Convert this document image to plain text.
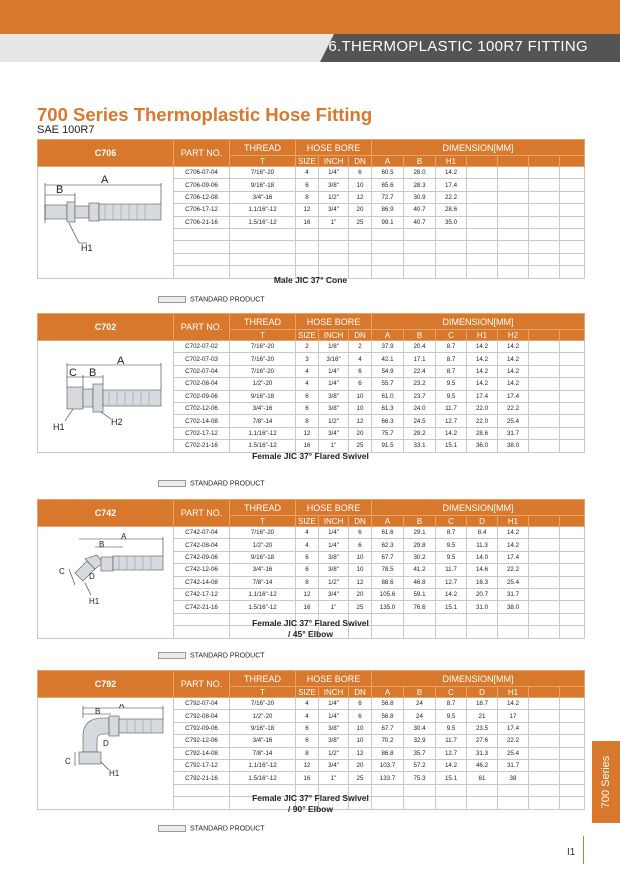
6.THERMOPLASTIC 100R7 FITTING
700 Series Thermoplastic Hose Fitting
SAE 100R7
C706	PART NO.	THREAD	HOSE BORE			DIMENSION[MM]						
		T	SIZE	INCH	DN	A	B	H1				
	C706-07-04	7/16"-20	4	1/4"	6	60.5	28.0	14.2				
	C706-09-06	9/16"-18	6	3/8"	10	65.6	28.3	17.4				
	C706-12-08	3/4"-16	8	1/2"	12	72.7	30.9	22.2				
	C706-17-12	1.1/16"-12	12	3/4"	20	86.9	40.7	28.6				
	C706-21-16	1.5/16"-12	16	1"	25	99.1	40.7	35.0				

A
B
H1
Male JIC 37° Cone
STANDARD PRODUCT
C702	PART NO.	THREAD	HOSE BORE			DIMENSION[MM]						
		T	SIZE	INCH	DN	A	B	C	H1	H2		
	C702-07-02	7/16"-20	2	1/8"	2	37.9	20.4	8.7	14.2	14.2		
	C702-07-03	7/16"-20	3	3/16"	4	42.1	17.1	8.7	14.2	14.2		
	C702-07-04	7/16"-20	4	1/4"	6	54.9	22.4	8.7	14.2	14.2		
	C702-08-04	1/2"-20	4	1/4"	6	55.7	23.2	9.5	14.2	14.2		
	C702-09-06	9/16"-18	6	3/8"	10	61.0	23.7	9.5	17.4	17.4		
	C702-12-06	3/4"-16	6	3/8"	10	61.3	24.0	11.7	22.0	22.2		
	C702-14-08	7/8"-14	8	1/2"	12	66.3	24.5	12.7	22.0	25.4		
	C702-17-12	1.1/16"-12	12	3/4"	20	75.7	29.2	14.2	28.6	31.7		
	C702-21-16	1.5/16"-12	16	1"	25	91.5	33.1	15.1	36.0	38.0		
A
C B
H1	H2
Female JIC 37° Flared Swivel
STANDARD PRODUCT
C742	PART NO.	THREAD	HOSE BORE			DIMENSION[MM]						
		T	SIZE	INCH	DN	A	B	C	D	H1		
	C742-07-04	7/16"-20	4	1/4"	6	61.6	29.1	8.7	8.4	14.2		
	C742-08-04	1/2"-20	4	1/4"	6	62.3	29.8	9.5	11.3	14.2		
	C742-09-06	9/16"-18	6	3/8"	10	67.7	30.2	9.5	14.0	17.4		
	C742-12-06	3/4"-16	6	3/8"	10	78.5	41.2	11.7	14.6	22.2		
	C742-14-08	7/8"-14	8	1/2"	12	88.6	46.8	12.7	16.3	25.4		
	C742-17-12	1.1/16"-12	12	3/4"	20	105.6	59.1	14.2	20.7	31.7		
	C742-21-16	1.5/16"-12	16	1"	25	135.0	76.6	15.1	31.0	38.0		

A
B
C
D
H1
Female JIC 37° Flared Swivel
/ 45° Elbow
STANDARD PRODUCT
C792	PART NO.	THREAD	HOSE BORE			DIMENSION[MM]						
		T	SIZE	INCH	DN	A	B	C	D	H1		
	C792-07-04	7/16"-20	4	1/4"	6	56.8	24	8.7	18.7	14.2		
	C792-08-04	1/2"-20	4	1/4"	6	56.8	24	9.5	21	17		
	C792-09-06	9/16"-18	6	3/8"	10	67.7	30.4	9.5	23.5	17.4		
	C792-12-06	3/4"-16	6	3/8"	10	70.2	32.9	11.7	27.6	22.2		
	C792-14-08	7/8"-14	8	1/2"	12	86.8	35.7	12.7	31.3	25.4		
	C792-17-12	1.1/16"-12	12	3/4"	20	103.7	57.2	14.2	46.2	31.7		
	C792-21-16	1.5/16"-12	16	1"	25	133.7	75.3	15.1	61	38		

A
B
D
C
H1
Female JIC 37° Flared Swivel
/ 90° Elbow
STANDARD PRODUCT
700 Series
I1
